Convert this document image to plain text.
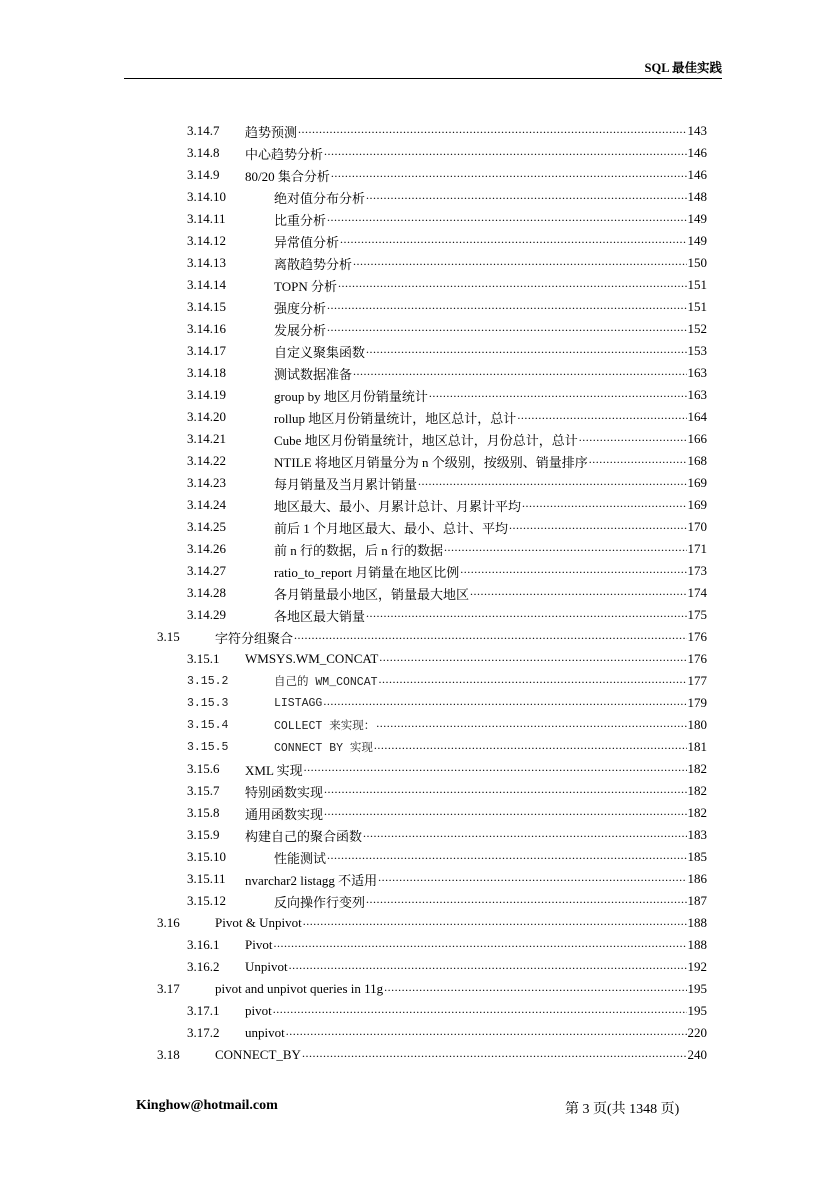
SQL 最佳实践
3.14.7 趋势预测 .....	143
3.14.8 中心趋势分析 .....	146
3.14.9 80/20 集合分析 .....	146
3.14.10	绝对值分布分析 .....	148
3.14.11	比重分析 .....	149
3.14.12	异常值分析 .....	149
3.14.13	离散趋势分析 .....	150
3.14.14	TOPN 分析 .....	151
3.14.15	强度分析 .....	151
3.14.16	发展分析 .....	152
3.14.17	自定义聚集函数 .....	153
3.14.18	测试数据准备 .....	163
3.14.19	group by 地区月份销量统计 .....	163
3.14.20	rollup 地区月份销量统计，地区总计，总计 .....	164
3.14.21	Cube 地区月份销量统计，地区总计，月份总计，总计 .....	166
3.14.22	NTILE 将地区月销量分为 n 个级别，按级别、销量排序 .....	168
3.14.23	每月销量及当月累计销量 .....	169
3.14.24	地区最大、最小、月累计总计、月累计平均 .....	169
3.14.25	前后 1 个月地区最大、最小、总计、平均 .....	170
3.14.26	前 n 行的数据，后 n 行的数据 .....	171
3.14.27	ratio_to_report 月销量在地区比例 .....	173
3.14.28	各月销量最小地区，销量最大地区 .....	174
3.14.29	各地区最大销量 .....	175
3.15	字符分组聚合 .....	176
3.15.1 WMSYS.WM_CONCAT .....	176
3.15.2	自己的 WM_CONCAT .....	177
3.15.3	LISTAGG .....	179
3.15.4	COLLECT 来实现： .....	180
3.15.5	CONNECT BY 实现 .....	181
3.15.6 XML 实现 .....	182
3.15.7 特别函数实现 .....	182
3.15.8 通用函数实现 .....	182
3.15.9 构建自己的聚合函数 .....	183
3.15.10	性能测试 .....	185
3.15.11 nvarchar2 listagg 不适用 .....	186
3.15.12	反向操作行变列 .....	187
3.16	Pivot & Unpivot .....	188
3.16.1 Pivot .....	188
3.16.2 Unpivot .....	192
3.17	pivot and unpivot queries in 11g .....	195
3.17.1 pivot .....	195
3.17.2 unpivot .....	220
3.18	CONNECT_BY .....	240
Kinghow@hotmail.com	第 3 页(共 1348 页)
